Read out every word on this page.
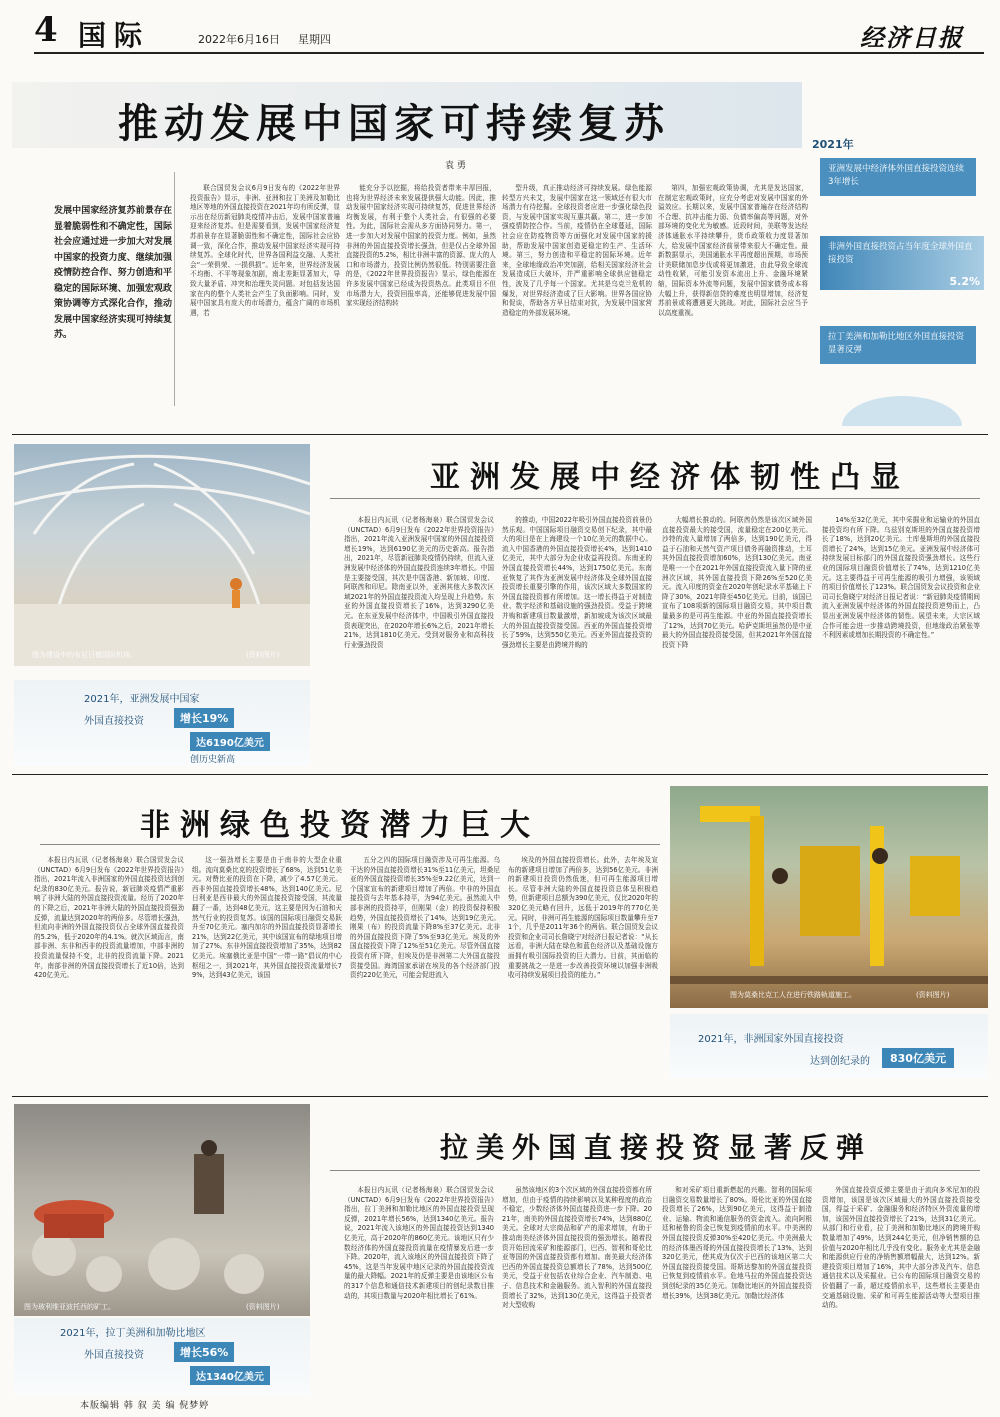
4 国际	2022年6月16日 星期四	经济日报
推动发展中国家可持续复苏
袁 勇
发展中国家经济复苏前景存在显着脆弱性和不确定性，国际社会应通过进一步加大对发展中国家的投资力度、继续加强疫情防控合作、努力创造和平稳定的国际环境、加强宏观政策协调等方式深化合作，推动发展中国家经济实现可持续复苏。

联合国贸发会议6月9日发布的《2022年世界投资报告》显示，非洲、亚洲和拉丁美洲及加勒比地区等地的外国直接投资在2021年均有所反弹，显示出在经历新冠肺炎疫情冲击后，发展中国家普遍迎来经济复苏。但是需要看到，发展中国家经济复苏前景存在显著脆弱性和不确定性，国际社会应协调一致，深化合作，推动发展中国家经济实现可持续复苏。全球化时代，世界各国利益交融、人类社会“一荣俱荣、一损俱损”。近年来，世界经济发展不均衡、不平等现象加剧，南北差距显著加大，导致大量矛盾、冲突和治理失灵问题。对包括发达国家在内的整个人类社会产生了负面影响。同时，发展中国家具有庞大的市场潜力，蕴含广阔的市场机遇，若

能充分予以挖掘，将给投资者带来丰厚回报，也将为世界经济未来发展提供强大动能。因此，推动发展中国家经济实现可持续复苏，促进世界经济均衡发展，有利于整个人类社会，有很强的必要性。为此，国际社会需从多方面协同努力。第一，进一步加大对发展中国家的投资力度。例如，虽然非洲的外国直接投资增长强劲，但是仅占全球外国直接投资的5.2%，相比非洲丰富的资源、庞大的人口和市场潜力，投资比例仍然很低。特别需要注意的是，《2022年世界投资报告》显示，绿色能源在许多发展中国家已经成为投资热点。此类项目不但市场潜力大，投资回报率高，还能够促进发展中国家实现经济结构转

型升级，真正推动经济可持续发展。绿色能源转型方兴未艾，发展中国家在这一领域还有很大市场潜力有待挖掘。全球投资者应进一步强化绿色投资，与发展中国家实现互惠共赢。第二，进一步加强疫情防控合作。当前，疫情仍在全球蔓延，国际社会应在防疫物资等方面强化对发展中国家的援助，帮助发展中国家创造更稳定的生产、生活环境。第三，努力创造和平稳定的国际环境。近年来，全球地缘政治冲突加剧，给相关国家经济社会发展造成巨大破坏，并严重影响全球供应链稳定性，波及了几乎每一个国家。尤其是乌克兰危机的爆发，对世界经济造成了巨大影响。世界各国应协和促谈，帮助各方早日结束对抗，为发展中国家营造稳定的外部发展环境。

第四，加强宏观政策协调，尤其是发达国家，在制定宏观政策时，应充分考虑对发展中国家的外溢效应。长期以来，发展中国家普遍存在经济结构不合理、抗冲击能力弱、负债率偏高等问题，对外部环境的变化尤为敏感。近段时间，美联等发达经济体通胀水平持续攀升，货币政策收力度显著加大，给发展中国家经济前景带来很大不确定性。最新数据显示，美国通胀水平再度超出预期，市场预计美联储加息步伐或将更加激进，由此导致全球流动性收紧，可能引发资本流出上升、金融环境紧缩，国际资本外流等问题，发展中国家债务成本将大幅上升，获得新信贷的难度也明显增加，经济复苏前景或将遭遇更大挑战。对此，国际社会应当予以高度重视。

2021年
亚洲发展中经济体外国直接投资连续3年增长
非洲外国直接投资占当年度全球外国直接投资
5.2%
拉丁美洲和加勒比地区外国直接投资显著反弹
图为建设中的布尼日德国际机场。	(资料图片)
2021年，亚洲发展中国家
外国直接投资	增长19%
达6190亿美元
创历史新高
亚洲发展中经济体韧性凸显

本报日内瓦讯（记者杨海泉）联合国贸发会议（UNCTAD）6月9日发布《2022年世界投资报告》指出，2021年流入亚洲发展中国家的外国直接投资增长19%，达到6190亿美元的历史新高。报告指出，2021年，尽管新冠肺炎疫情仍持续，但流入亚洲发展中经济体的外国直接投资连续3年增长。中国是主要接受国，其次是中国香港、新加坡、印度、阿联酋和印尼。除南亚以外，亚洲其他大多数次区域2021年的外国直接投资流入均呈现上升趋势。东亚的外国直接投资增长了16%，达到3290亿美元。在东亚发展中经济体中，中国吸引外国直接投资表现突出，在2020年增长6%之后，2021年增长21%，达到1810亿美元。受到对服务业和高科技行业强劲投资

的推动，中国2022年吸引外国直接投资前景仍然乐观。中国国际项目融资交易创下纪录，其中最大的项目是在上海建设一个10亿美元的数据中心。流入中国香港的外国直接投资增长4%，达到1410亿美元，其中大部分为企业收益再投资。东南亚的外国直接投资增长44%，达到1750亿美元。东南亚恢复了其作为亚洲发展中经济体及全球外国直接投资增长重要引擎的作用，该次区域大多数国家的外国直接投资都有所增加。这一增长得益于对制造业、数字经济和基础设施的强劲投资。受益于跨境并购和新建项目数量激增，新加坡成为该次区域最大的外国直接投资接受国。西亚的外国直接投资增长了59%，达到550亿美元。西亚外国直接投资的强劲增长主要是由跨境并购的

大幅增长推动的。阿联酋仍然是该次区域外国直接投资最大的接受国，流量稳定在200亿美元。沙特的流入量增加了两倍多，达到190亿美元，得益于石油和天然气资产项目债务再融资推动，土耳其外国直接投资增加60%，达到130亿美元。南亚是唯一一个在2021年外国直接投资流入量下降的亚洲次区域，其外国直接投资下降26%至520亿美元。流入印度的资金在2020年创纪录水平基础上下降了30%，2021年降至450亿美元。目前，该国已宣布了108项新的国际项目融资交易，其中项目数量最多的是可再生能源。中亚的外国直接投资增长了12%，达到70亿美元。哈萨克斯坦虽然仍是中亚最大的外国直接投资接受国，但其2021年外国直接投资下降

14%至32亿美元，其中采掘业和运输业的外国直接投资均有所下降。乌兹别克斯坦的外国直接投资增长了18%，达到20亿美元。土库曼斯坦的外国直接投资增长了24%，达到15亿美元。亚洲发展中经济体可持续发展目标部门的外国直接投资强劲增长。这些行业的国际项目融资价值增长了74%，达到1210亿美元。这主要得益于可再生能源的吸引力增强，该领域的项目价值增长了123%。联合国贸发会议投资和企业司司长詹晓宁对经济日报记者说：“新冠肺炎疫情期间流入亚洲发展中经济体的外国直接投资逆势而上，凸显出亚洲发展中经济体的韧性。展望未来，大宗区域合作可能会进一步推动跨境投资，但地缘政治紧张等不利因素或增加长期投资的不确定性。”

非洲绿色投资潜力巨大

本报日内瓦讯（记者杨海泉）联合国贸发会议（UNCTAD）6月9日发布《2022年世界投资报告》指出，2021年流入非洲国家的外国直接投资达到创纪录的830亿美元。报告说，新冠肺炎疫情严重影响了非洲大陆的外国直接投资流量。经历了2020年的下降之后，2021年非洲大陆的外国直接投资强劲反弹，流量达到2020年的两倍多。尽管增长强劲，但流向非洲的外国直接投资仅占全球外国直接投资的5.2%，低于2020年的4.1%。就次区域而言，南部非洲、东非和西非的投资流量增加，中部非洲的投资流量保持不变，北非的投资流量下降。2021年，南部非洲的外国直接投资增长了近10倍，达到420亿美元。

这一强劲增长主要是由于南非的大型企业重组。流向莫桑比克的投资增长了68%，达到51亿美元。对赞比亚的投资在下降，减少了4.57亿美元。西非外国直接投资增长48%，达到140亿美元。尼日利亚是西非最大的外国直接投资接受国，其流量翻了一番，达到48亿美元，这主要是因为石油和天然气行业的投资复苏。该国的国际项目融资交易跃升至70亿美元。塞内加尔的外国直接投资显著增长21%，达到22亿美元，其中该国宣布的绿地项目增加了27%。东非外国直接投资增加了35%，达到82亿美元。埃塞俄比亚是中国“一带一路”倡议的中心枢纽之一，到2021年，其外国直接投资流量增长79%，达到43亿美元，该国

五分之四的国际项目融资涉及可再生能源。乌干达的外国直接投资增长31%至11亿美元，坦桑尼亚的外国直接投资增长35%至9.22亿美元，达到一个国家宣布的新建项目增加了两倍。中非的外国直接投资与去年基本持平，为94亿美元。虽然流入中部非洲的投资持平，但刚果（金）的投资保持积极趋势，外国直接投资增长了14%，达到19亿美元。刚果（布）的投资流量下降8%至37亿美元。北非的外国直接投资下降了5%至93亿美元。埃及的外国直接投资下降了12%至51亿美元。尽管外国直接投资有所下降，但埃及仍是非洲第二大外国直接投资接受国。海湾国家承诺在埃及的各个经济部门投资约220亿美元，可能会促进流入

埃及的外国直接投资增长。此外，去年埃及宣布的新建项目增加了两倍多，达到56亿美元。非洲的新建项目投资仍然低迷，但可再生能源项目增长。尽管非洲大陆的外国直接投资总体呈积极趋势，但新建项目总额为390亿美元，仅比2020年的320亿美元略有回升，远低于2019年的770亿美元。同时，非洲可再生能源的国际项目数量攀升至71个，几乎是2011年36个的两倍。联合国贸发会议投资和企业司司长詹晓宁对经济日报记者说：“从长远看，非洲大陆在绿色和蓝色经济以及基础设施方面拥有吸引国际投资的巨大潜力。目前，其面临的重要挑战之一是进一步改善投资环境以加强非洲吸收可持续发展项目投资的能力。”

图为莫桑比克工人在进行铁路轨道施工。	(资料图片)
2021年，非洲国家外国直接投资
达到创纪录的	830亿美元
图为玻利维亚波托西的矿工。	(资料图片)
2021年，拉丁美洲和加勒比地区
外国直接投资	增长56%
达1340亿美元
拉美外国直接投资显著反弹

本报日内瓦讯（记者杨海泉）联合国贸发会议（UNCTAD）6月9日发布《2022年世界投资报告》指出，拉丁美洲和加勒比地区的外国直接投资呈现反弹，2021年增长56%，达到1340亿美元。报告说，2021年流入该地区的外国直接投资达到1340亿美元，高于2020年的860亿美元。该地区只有少数经济体的外国直接投资流量在疫情暴发后进一步下降。2020年，流入该地区的外国直接投资下降了45%，这是当年发展中地区记录的外国直接投资流量的最大降幅。2021年的反弹主要是由该地区公布的317个信息和通信技术新建项目的创纪录数目推动的，其项目数量与2020年相比增长了61%。

虽然该地区的3个次区域的外国直接投资都有所增加，但由于疫情的持续影响以及某种程度的政治不稳定，少数经济体外国直接投资进一步下降。2021年，南美的外国直接投资增长74%，达到880亿美元。全球对大宗商品和矿产的需求增加，有助于推动南美经济体外国直接投资的强劲增长。随着投资开始回流采矿和能源部门，巴西、智利和哥伦比亚等国的外国直接投资都有增加。南美最大经济体巴西的外国直接投资总额增长了78%，达到500亿美元，受益于业包括农业综合企业、汽车制造、电子、信息技术和金融服务。流入智利的外国直接投资增长了32%，达到130亿美元，这得益于投资者对大型收购

和对采矿项目重新燃起的兴趣。智利的国际项目融资交易数量增长了80%。哥伦比亚的外国直接投资增长了26%，达到90亿美元，这得益于制造业、运输、物流和通信服务的资金流入。流向阿根廷和秘鲁的资金已恢复到疫情前的水平。中美洲的外国直接投资反弹30%至420亿美元。中美洲最大的经济体墨西哥的外国直接投资增长了13%，达到320亿美元，使其成为仅次于巴西的该地区第二大外国直接投资接受国。哥斯达黎加的外国直接投资已恢复到疫情前水平。危地马拉的外国直接投资达到创纪录的35亿美元。加勒比地区的外国直接投资增长39%，达到38亿美元。加勒比经济体

外国直接投资反弹主要是由于流向多米尼加的投资增加，该国是该次区域最大的外国直接投资接受国，得益于采矿、金融服务和经济特区外资流量的增加，该国外国直接投资增长了21%，达到31亿美元。从部门和行业看，拉丁美洲和加勒比地区的跨境并购数量增加了49%，达到244亿美元，但净销售额的总价值与2020年相比几乎没有变化。服务业尤其是金融和能源供应行业的净销售额增幅最大，达到12%。新建投资项目增加了16%，其中大部分涉及汽车、信息通信技术以及采掘业。已公布的国际项目融资交易的价值翻了一番，超过疫情前水平，这些增长主要是由交通基础设施、采矿和可再生能源活动等大型项目推动的。

本版编辑 韩 叙 美 编 倪梦婷
